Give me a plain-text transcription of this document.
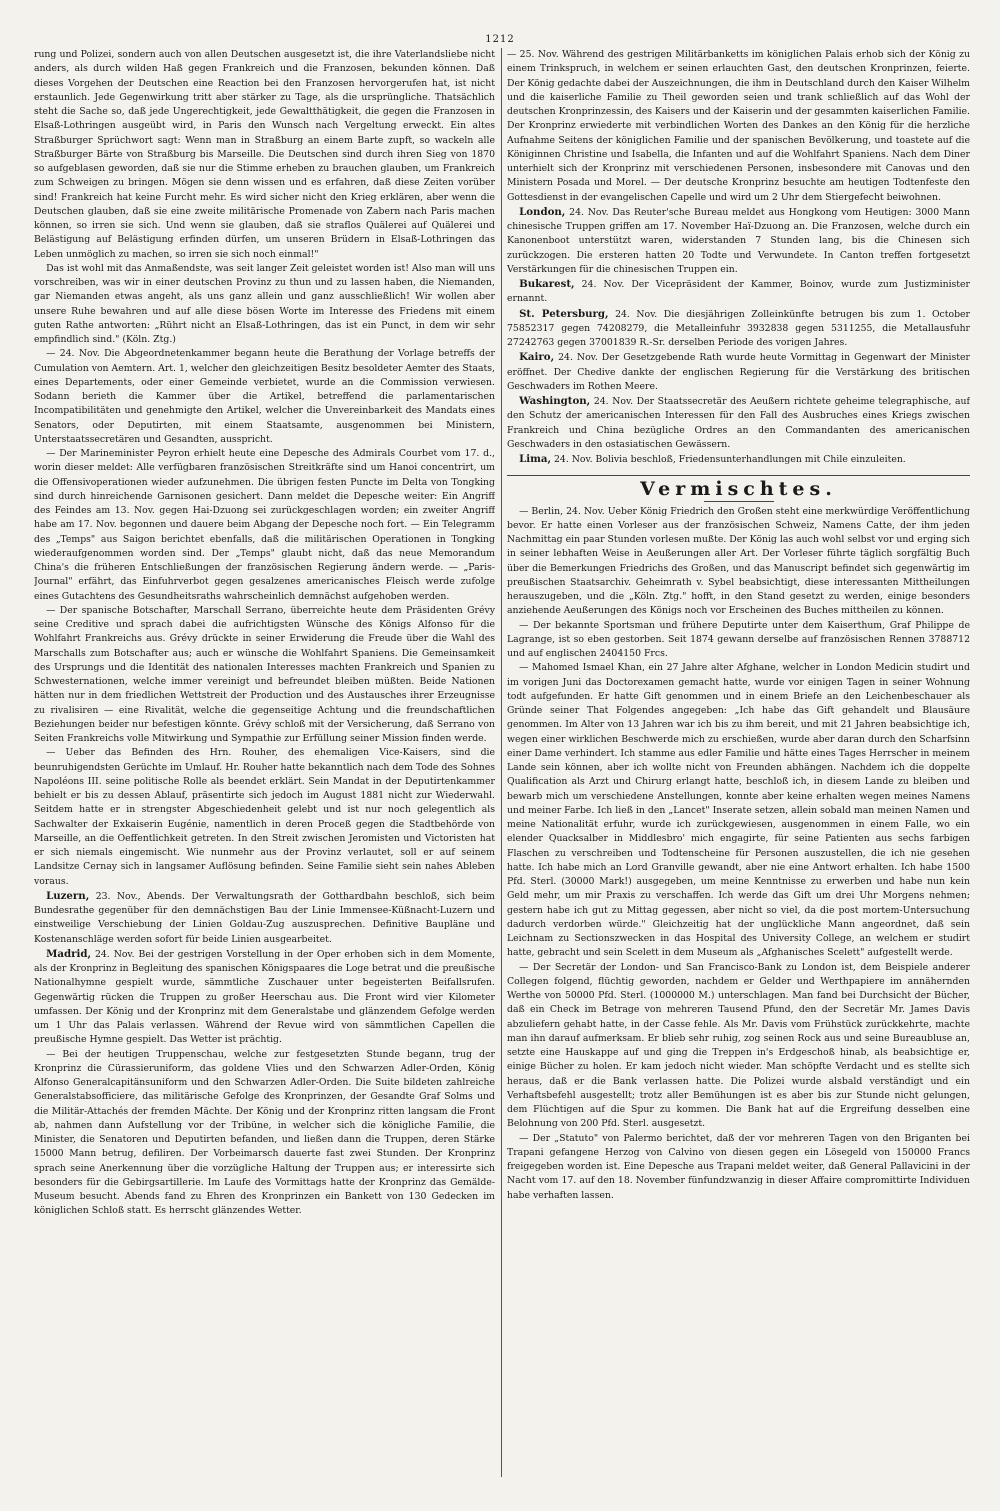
1212

rung und Polizei, sondern auch von allen Deutschen ausgesetzt ist, die ihre Vaterlandsliebe nicht anders, als durch wilden Haß gegen Frankreich und die Franzosen, bekunden können. Daß dieses Vorgehen der Deutschen eine Reaction bei den Franzosen hervorgerufen hat, ist nicht erstaunlich. Jede Gegenwirkung tritt aber stärker zu Tage, als die ursprüngliche. Thatsächlich steht die Sache so, daß jede Ungerechtigkeit, jede Gewaltthätigkeit, die gegen die Franzosen in Elsaß-Lothringen ausgeübt wird, in Paris den Wunsch nach Vergeltung erweckt. Ein altes Straßburger Sprüchwort sagt: Wenn man in Straßburg an einem Barte zupft, so wackeln alle Straßburger Bärte von Straßburg bis Marseille. Die Deutschen sind durch ihren Sieg von 1870 so aufgeblasen geworden, daß sie nur die Stimme erheben zu brauchen glauben, um Frankreich zum Schweigen zu bringen. Mögen sie denn wissen und es erfahren, daß diese Zeiten vorüber sind! Frankreich hat keine Furcht mehr. Es wird sicher nicht den Krieg erklären, aber wenn die Deutschen glauben, daß sie eine zweite militärische Promenade von Zabern nach Paris machen können, so irren sie sich. Und wenn sie glauben, daß sie straflos Quälerei auf Quälerei und Belästigung auf Belästigung erfinden dürfen, um unseren Brüdern in Elsaß-Lothringen das Leben unmöglich zu machen, so irren sie sich noch einmal!"

Das ist wohl mit das Anmaßendste, was seit langer Zeit geleistet worden ist! Also man will uns vorschreiben, was wir in einer deutschen Provinz zu thun und zu lassen haben, die Niemanden, gar Niemanden etwas angeht, als uns ganz allein und ganz ausschließlich! Wir wollen aber unsere Ruhe bewahren und auf alle diese bösen Worte im Interesse des Friedens mit einem guten Rathe antworten: „Rührt nicht an Elsaß-Lothringen, das ist ein Punct, in dem wir sehr empfindlich sind." (Köln. Ztg.)

— 24. Nov. Die Abgeordnetenkammer begann heute die Berathung der Vorlage betreffs der Cumulation von Aemtern. Art. 1, welcher den gleichzeitigen Besitz besoldeter Aemter des Staats, eines Departements, oder einer Gemeinde verbietet, wurde an die Commission verwiesen. Sodann berieth die Kammer über die Artikel, betreffend die parlamentarischen Incompatibilitäten und genehmigte den Artikel, welcher die Unvereinbarkeit des Mandats eines Senators, oder Deputirten, mit einem Staatsamte, ausgenommen bei Ministern, Unterstaatssecretären und Gesandten, ausspricht.

— Der Marineminister Peyron erhielt heute eine Depesche des Admirals Courbet vom 17. d., worin dieser meldet: Alle verfügbaren französischen Streitkräfte sind um Hanoi concentrirt, um die Offensivoperationen wieder aufzunehmen. Die übrigen festen Puncte im Delta von Tongking sind durch hinreichende Garnisonen gesichert. Dann meldet die Depesche weiter: Ein Angriff des Feindes am 13. Nov. gegen Hai-Dzuong sei zurückgeschlagen worden; ein zweiter Angriff habe am 17. Nov. begonnen und dauere beim Abgang der Depesche noch fort. — Ein Telegramm des „Temps" aus Saigon berichtet ebenfalls, daß die militärischen Operationen in Tongking wiederaufgenommen worden sind. Der „Temps" glaubt nicht, daß das neue Memorandum China's die früheren Entschließungen der französischen Regierung ändern werde. — „Paris-Journal" erfährt, das Einfuhrverbot gegen gesalzenes americanisches Fleisch werde zufolge eines Gutachtens des Gesundheitsraths wahrscheinlich demnächst aufgehoben werden.

— Der spanische Botschafter, Marschall Serrano, überreichte heute dem Präsidenten Grévy seine Creditive und sprach dabei die aufrichtigsten Wünsche des Königs Alfonso für die Wohlfahrt Frankreichs aus. Grévy drückte in seiner Erwiderung die Freude über die Wahl des Marschalls zum Botschafter aus; auch er wünsche die Wohlfahrt Spaniens. Die Gemeinsamkeit des Ursprungs und die Identität des nationalen Interesses machten Frankreich und Spanien zu Schwesternationen, welche immer vereinigt und befreundet bleiben müßten. Beide Nationen hätten nur in dem friedlichen Wettstreit der Production und des Austausches ihrer Erzeugnisse zu rivalisiren — eine Rivalität, welche die gegenseitige Achtung und die freundschaftlichen Beziehungen beider nur befestigen könnte. Grévy schloß mit der Versicherung, daß Serrano von Seiten Frankreichs volle Mitwirkung und Sympathie zur Erfüllung seiner Mission finden werde.

— Ueber das Befinden des Hrn. Rouher, des ehemaligen Vice-Kaisers, sind die beunruhigendsten Gerüchte im Umlauf. Hr. Rouher hatte bekanntlich nach dem Tode des Sohnes Napoléons III. seine politische Rolle als beendet erklärt. Sein Mandat in der Deputirtenkammer behielt er bis zu dessen Ablauf, präsentirte sich jedoch im August 1881 nicht zur Wiederwahl. Seitdem hatte er in strengster Abgeschiedenheit gelebt und ist nur noch gelegentlich als Sachwalter der Exkaiserin Eugénie, namentlich in deren Proceß gegen die Stadtbehörde von Marseille, an die Oeffentlichkeit getreten. In den Streit zwischen Jeromisten und Victoristen hat er sich niemals eingemischt. Wie nunmehr aus der Provinz verlautet, soll er auf seinem Landsitze Cernay sich in langsamer Auflösung befinden. Seine Familie sieht sein nahes Ableben voraus.

Luzern, 23. Nov., Abends. Der Verwaltungsrath der Gotthardbahn beschloß, sich beim Bundesrathe gegenüber für den demnächstigen Bau der Linie Immensee-Küßnacht-Luzern und einstweilige Verschiebung der Linien Goldau-Zug auszusprechen. Definitive Baupläne und Kostenanschläge werden sofort für beide Linien ausgearbeitet.

Madrid, 24. Nov. Bei der gestrigen Vorstellung in der Oper erhoben sich in dem Momente, als der Kronprinz in Begleitung des spanischen Königspaares die Loge betrat und die preußische Nationalhymne gespielt wurde, sämmtliche Zuschauer unter begeisterten Beifallsrufen. Gegenwärtig rücken die Truppen zu großer Heerschau aus. Die Front wird vier Kilometer umfassen. Der König und der Kronprinz mit dem Generalstabe und glänzendem Gefolge werden um 1 Uhr das Palais verlassen. Während der Revue wird von sämmtlichen Capellen die preußische Hymne gespielt. Das Wetter ist prächtig.

— Bei der heutigen Truppenschau, welche zur festgesetzten Stunde begann, trug der Kronprinz die Cürassieruniform, das goldene Vlies und den Schwarzen Adler-Orden, König Alfonso Generalcapitänsuniform und den Schwarzen Adler-Orden. Die Suite bildeten zahlreiche Generalstabsofficiere, das militärische Gefolge des Kronprinzen, der Gesandte Graf Solms und die Militär-Attachés der fremden Mächte. Der König und der Kronprinz ritten langsam die Front ab, nahmen dann Aufstellung vor der Tribüne, in welcher sich die königliche Familie, die Minister, die Senatoren und Deputirten befanden, und ließen dann die Truppen, deren Stärke 15000 Mann betrug, defiliren. Der Vorbeimarsch dauerte fast zwei Stunden. Der Kronprinz sprach seine Anerkennung über die vorzügliche Haltung der Truppen aus; er interessirte sich besonders für die Gebirgsartillerie. Im Laufe des Vormittags hatte der Kronprinz das Gemälde-Museum besucht. Abends fand zu Ehren des Kronprinzen ein Bankett von 130 Gedecken im königlichen Schloß statt. Es herrscht glänzendes Wetter.

— 25. Nov. Während des gestrigen Militärbanketts im königlichen Palais erhob sich der König zu einem Trinkspruch, in welchem er seinen erlauchten Gast, den deutschen Kronprinzen, feierte. Der König gedachte dabei der Auszeichnungen, die ihm in Deutschland durch den Kaiser Wilhelm und die kaiserliche Familie zu Theil geworden seien und trank schließlich auf das Wohl der deutschen Kronprinzessin, des Kaisers und der Kaiserin und der gesammten kaiserlichen Familie. Der Kronprinz erwiederte mit verbindlichen Worten des Dankes an den König für die herzliche Aufnahme Seitens der königlichen Familie und der spanischen Bevölkerung, und toastete auf die Königinnen Christine und Isabella, die Infanten und auf die Wohlfahrt Spaniens. Nach dem Diner unterhielt sich der Kronprinz mit verschiedenen Personen, insbesondere mit Canovas und den Ministern Posada und Morel. — Der deutsche Kronprinz besuchte am heutigen Todtenfeste den Gottesdienst in der evangelischen Capelle und wird um 2 Uhr dem Stiergefecht beiwohnen.

London, 24. Nov. Das Reuter'sche Bureau meldet aus Hongkong vom Heutigen: 3000 Mann chinesische Truppen griffen am 17. November Haï-Dzuong an. Die Franzosen, welche durch ein Kanonenboot unterstützt waren, widerstanden 7 Stunden lang, bis die Chinesen sich zurückzogen. Die ersteren hatten 20 Todte und Verwundete. In Canton treffen fortgesetzt Verstärkungen für die chinesischen Truppen ein.

Bukarest, 24. Nov. Der Vicepräsident der Kammer, Boinov, wurde zum Justizminister ernannt.

St. Petersburg, 24. Nov. Die diesjährigen Zolleinkünfte betrugen bis zum 1. October 75852317 gegen 74208279, die Metalleinfuhr 3932838 gegen 5311255, die Metallausfuhr 27242763 gegen 37001839 R.-Sr. derselben Periode des vorigen Jahres.

Kairo, 24. Nov. Der Gesetzgebende Rath wurde heute Vormittag in Gegenwart der Minister eröffnet. Der Chedive dankte der englischen Regierung für die Verstärkung des britischen Geschwaders im Rothen Meere.

Washington, 24. Nov. Der Staatssecretär des Aeußern richtete geheime telegraphische, auf den Schutz der americanischen Interessen für den Fall des Ausbruches eines Kriegs zwischen Frankreich und China bezügliche Ordres an den Commandanten des americanischen Geschwaders in den ostasiatischen Gewässern.

Lima, 24. Nov. Bolivia beschloß, Friedensunterhandlungen mit Chile einzuleiten.

Vermischtes.

— Berlin, 24. Nov. Ueber König Friedrich den Großen steht eine merkwürdige Veröffentlichung bevor. Er hatte einen Vorleser aus der französischen Schweiz, Namens Catte, der ihm jeden Nachmittag ein paar Stunden vorlesen mußte. Der König las auch wohl selbst vor und erging sich in seiner lebhaften Weise in Aeußerungen aller Art. Der Vorleser führte täglich sorgfältig Buch über die Bemerkungen Friedrichs des Großen, und das Manuscript befindet sich gegenwärtig im preußischen Staatsarchiv. Geheimrath v. Sybel beabsichtigt, diese interessanten Mittheilungen herauszugeben, und die „Köln. Ztg." hofft, in den Stand gesetzt zu werden, einige besonders anziehende Aeußerungen des Königs noch vor Erscheinen des Buches mittheilen zu können.

— Der bekannte Sportsman und frühere Deputirte unter dem Kaiserthum, Graf Philippe de Lagrange, ist so eben gestorben. Seit 1874 gewann derselbe auf französischen Rennen 3788712 und auf englischen 2404150 Frcs.

— Mahomed Ismael Khan, ein 27 Jahre alter Afghane, welcher in London Medicin studirt und im vorigen Juni das Doctorexamen gemacht hatte, wurde vor einigen Tagen in seiner Wohnung todt aufgefunden. Er hatte Gift genommen und in einem Briefe an den Leichenbeschauer als Gründe seiner That Folgendes angegeben: „Ich habe das Gift gehandelt und Blausäure genommen. Im Alter von 13 Jahren war ich bis zu ihm bereit, und mit 21 Jahren beabsichtige ich, wegen einer wirklichen Beschwerde mich zu erschießen, wurde aber daran durch den Scharfsinn einer Dame verhindert. Ich stamme aus edler Familie und hätte eines Tages Herrscher in meinem Lande sein können, aber ich wollte nicht von Freunden abhängen. Nachdem ich die doppelte Qualification als Arzt und Chirurg erlangt hatte, beschloß ich, in diesem Lande zu bleiben und bewarb mich um verschiedene Anstellungen, konnte aber keine erhalten wegen meines Namens und meiner Farbe. Ich ließ in den „Lancet" Inserate setzen, allein sobald man meinen Namen und meine Nationalität erfuhr, wurde ich zurückgewiesen, ausgenommen in einem Falle, wo ein elender Quacksalber in Middlesbro' mich engagirte, für seine Patienten aus sechs farbigen Flaschen zu verschreiben und Todtenscheine für Personen auszustellen, die ich nie gesehen hatte. Ich habe mich an Lord Granville gewandt, aber nie eine Antwort erhalten. Ich habe 1500 Pfd. Sterl. (30000 Mark!) ausgegeben, um meine Kenntnisse zu erwerben und habe nun kein Geld mehr, um mir Praxis zu verschaffen. Ich werde das Gift um drei Uhr Morgens nehmen; gestern habe ich gut zu Mittag gegessen, aber nicht so viel, da die post mortem-Untersuchung dadurch verdorben würde." Gleichzeitig hat der unglückliche Mann angeordnet, daß sein Leichnam zu Sectionszwecken in das Hospital des University College, an welchem er studirt hatte, gebracht und sein Scelett in dem Museum als „Afghanisches Scelett" aufgestellt werde.

— Der Secretär der London- und San Francisco-Bank zu London ist, dem Beispiele anderer Collegen folgend, flüchtig geworden, nachdem er Gelder und Werthpapiere im annähernden Werthe von 50000 Pfd. Sterl. (1000000 M.) unterschlagen. Man fand bei Durchsicht der Bücher, daß ein Check im Betrage von mehreren Tausend Pfund, den der Secretär Mr. James Davis abzuliefern gehabt hatte, in der Casse fehle. Als Mr. Davis vom Frühstück zurückkehrte, machte man ihn darauf aufmerksam. Er blieb sehr ruhig, zog seinen Rock aus und seine Bureaubluse an, setzte eine Hauskappe auf und ging die Treppen in's Erdgeschoß hinab, als beabsichtige er, einige Bücher zu holen. Er kam jedoch nicht wieder. Man schöpfte Verdacht und es stellte sich heraus, daß er die Bank verlassen hatte. Die Polizei wurde alsbald verständigt und ein Verhaftsbefehl ausgestellt; trotz aller Bemühungen ist es aber bis zur Stunde nicht gelungen, dem Flüchtigen auf die Spur zu kommen. Die Bank hat auf die Ergreifung desselben eine Belohnung von 200 Pfd. Sterl. ausgesetzt.

— Der „Statuto" von Palermo berichtet, daß der vor mehreren Tagen von den Briganten bei Trapani gefangene Herzog von Calvino von diesen gegen ein Lösegeld von 150000 Francs freigegeben worden ist. Eine Depesche aus Trapani meldet weiter, daß General Pallavicini in der Nacht vom 17. auf den 18. November fünfundzwanzig in dieser Affaire compromittirte Individuen habe verhaften lassen.
